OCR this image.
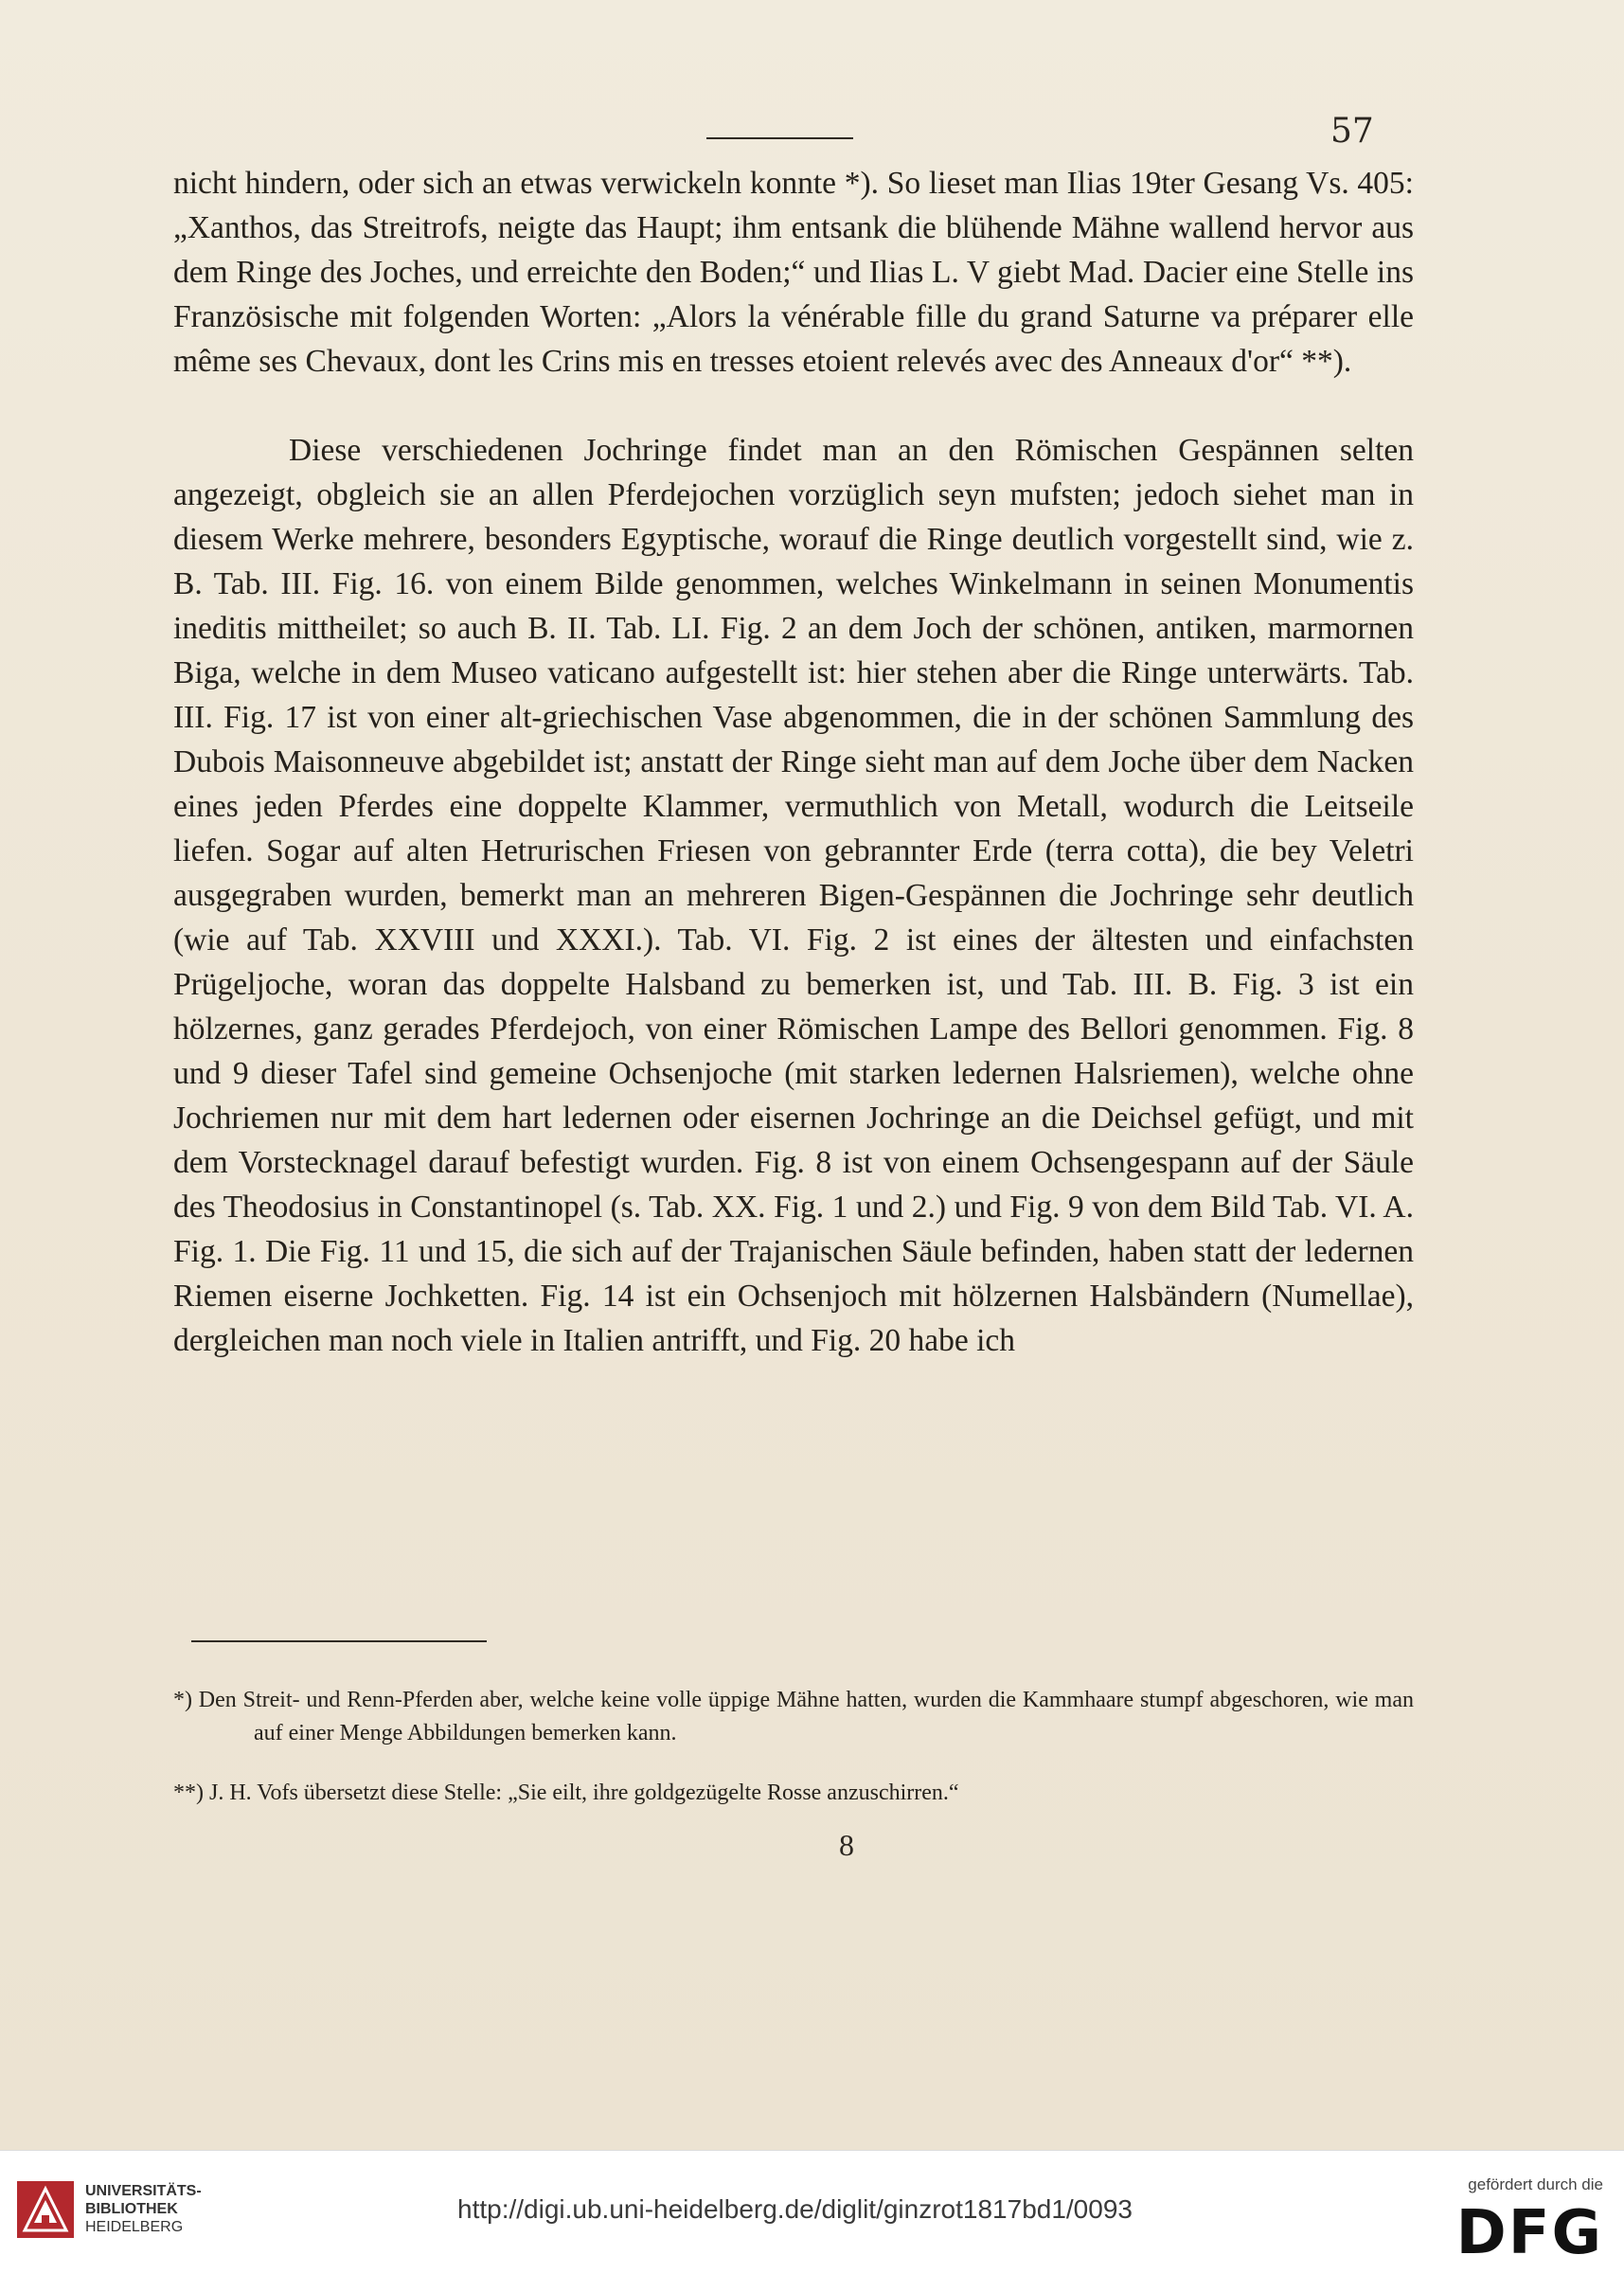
57

nicht hindern, oder sich an etwas verwickeln konnte *). So lieset man Ilias 19ter Gesang Vs. 405: „Xanthos, das Streitrofs, neigte das Haupt; ihm entsank die blühende Mähne wallend hervor aus dem Ringe des Joches, und erreichte den Boden;“ und Ilias L. V giebt Mad. Dacier eine Stelle ins Französische mit folgenden Worten: „Alors la vénérable fille du grand Saturne va préparer elle même ses Chevaux, dont les Crins mis en tresses etoient relevés avec des Anneaux d'or“ **).

Diese verschiedenen Jochringe findet man an den Römischen Gespännen selten angezeigt, obgleich sie an allen Pferdejochen vorzüglich seyn mufsten; jedoch siehet man in diesem Werke mehrere, besonders Egyptische, worauf die Ringe deutlich vorgestellt sind, wie z. B. Tab. III. Fig. 16. von einem Bilde genommen, welches Winkelmann in seinen Monumentis ineditis mittheilet; so auch B. II. Tab. LI. Fig. 2 an dem Joch der schönen, antiken, marmornen Biga, welche in dem Museo vaticano aufgestellt ist: hier stehen aber die Ringe unterwärts. Tab. III. Fig. 17 ist von einer alt-griechischen Vase abgenommen, die in der schönen Sammlung des Dubois Maisonneuve abgebildet ist; anstatt der Ringe sieht man auf dem Joche über dem Nacken eines jeden Pferdes eine doppelte Klammer, vermuthlich von Metall, wodurch die Leitseile liefen. Sogar auf alten Hetrurischen Friesen von gebrannter Erde (terra cotta), die bey Veletri ausgegraben wurden, bemerkt man an mehreren Bigen-Gespännen die Jochringe sehr deutlich (wie auf Tab. XXVIII und XXXI.). Tab. VI. Fig. 2 ist eines der ältesten und einfachsten Prügeljoche, woran das doppelte Halsband zu bemerken ist, und Tab. III. B. Fig. 3 ist ein hölzernes, ganz gerades Pferdejoch, von einer Römischen Lampe des Bellori genommen. Fig. 8 und 9 dieser Tafel sind gemeine Ochsenjoche (mit starken ledernen Halsriemen), welche ohne Jochriemen nur mit dem hart ledernen oder eisernen Jochringe an die Deichsel gefügt, und mit dem Vorstecknagel darauf befestigt wurden. Fig. 8 ist von einem Ochsengespann auf der Säule des Theodosius in Constantinopel (s. Tab. XX. Fig. 1 und 2.) und Fig. 9 von dem Bild Tab. VI. A. Fig. 1. Die Fig. 11 und 15, die sich auf der Trajanischen Säule befinden, haben statt der ledernen Riemen eiserne Jochketten. Fig. 14 ist ein Ochsenjoch mit hölzernen Halsbändern (Numellae), dergleichen man noch viele in Italien antrifft, und Fig. 20 habe ich

*) Den Streit- und Renn-Pferden aber, welche keine volle üppige Mähne hatten, wurden die Kammhaare stumpf abgeschoren, wie man auf einer Menge Abbildungen bemerken kann.

**) J. H. Vofs übersetzt diese Stelle: „Sie eilt, ihre goldgezügelte Rosse anzuschirren.“

8
UNIVERSITÄTS-
BIBLIOTHEK
HEIDELBERG
http://digi.ub.uni-heidelberg.de/diglit/ginzrot1817bd1/0093
gefördert durch die
DFG
